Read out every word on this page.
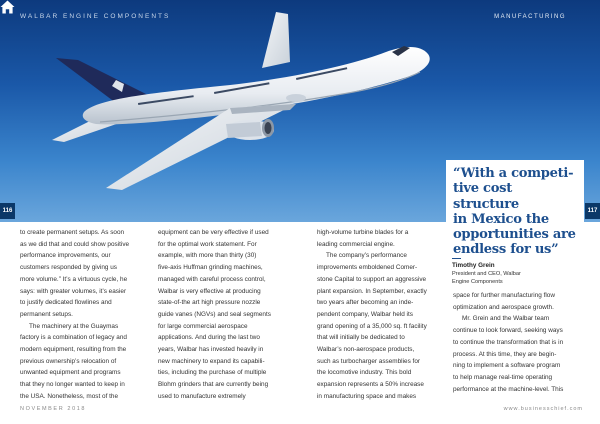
WALBAR ENGINE COMPONENTS	MANUFACTURING
116	117
“With a competi-
tive cost structure
in Mexico the
opportunities are
endless for us”
Timothy Grein
President and CEO, Walbar
Engine Components

to create permanent setups. As soon

as we did that and could show positive

performance improvements, our

customers responded by giving us

more volume.” It’s a virtuous cycle, he

says: with greater volumes, it’s easier

to justify dedicated flowlines and

permanent setups.

The machinery at the Guaymas

factory is a combination of legacy and

modern equipment, resulting from the

previous ownership’s relocation of

unwanted equipment and programs

that they no longer wanted to keep in

the USA. Nonetheless, most of the

equipment can be very effective if used

for the optimal work statement. For

example, with more than thirty (30)

five-axis Huffman grinding machines,

managed with careful process control,

Walbar is very effective at producing

state-of-the art high pressure nozzle

guide vanes (NGVs) and seal segments

for large commercial aerospace

applications. And during the last two

years, Walbar has invested heavily in

new machinery to expand its capabili-

ties, including the purchase of multiple

Blohm grinders that are currently being

used to manufacture extremely

high-volume turbine blades for a

leading commercial engine.

The company’s performance

improvements emboldened Comer-

stone Capital to support an aggressive

plant expansion. In September, exactly

two years after becoming an inde-

pendent company, Walbar held its

grand opening of a 35,000 sq. ft facility

that will initially be dedicated to

Walbar’s non-aerospace products,

such as turbocharger assemblies for

the locomotive industry. This bold

expansion represents a 50% increase

in manufacturing space and makes

space for further manufacturing flow

optimization and aerospace growth.

Mr. Grein and the Walbar team

continue to look forward, seeking ways

to continue the transformation that is in

process. At this time, they are begin-

ning to implement a software program

to help manage real-time operating

performance at the machine-level. This

NOVEMBER 2018	www.businesschief.com
